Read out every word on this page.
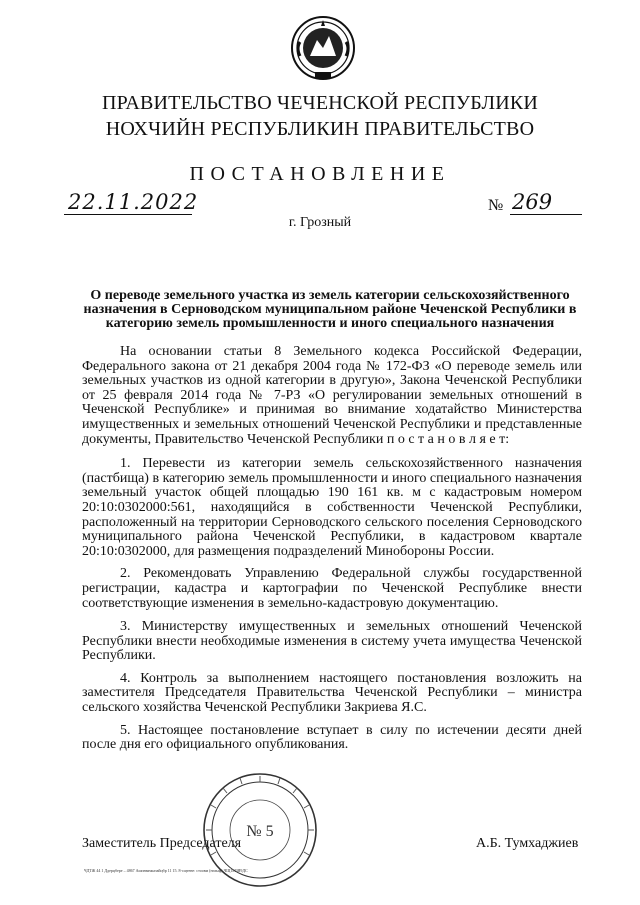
ПРАВИТЕЛЬСТВО ЧЕЧЕНСКОЙ РЕСПУБЛИКИ
НОХЧИЙН РЕСПУБЛИКИН ПРАВИТЕЛЬСТВО
ПОСТАНОВЛЕНИЕ
22.11.2022	№ 269
г. Грозный
О переводе земельного участка из земель категории сельскохозяйственного назначения в Серноводском муниципальном районе Чеченской Республики в категорию земель промышленности и иного специального назначения

На основании статьи 8 Земельного кодекса Российской Федерации, Федерального закона от 21 декабря 2004 года № 172-ФЗ «О переводе земель или земельных участков из одной категории в другую», Закона Чеченской Республики от 25 февраля 2014 года № 7-РЗ «О регулировании земельных отношений в Чеченской Республике» и принимая во внимание ходатайство Министерства имущественных и земельных отношений Чеченской Республики и представленные документы, Правительство Чеченской Республики п о с т а н о в л я е т:

1. Перевести из категории земель сельскохозяйственного назначения (пастбища) в категорию земель промышленности и иного специального назначения земельный участок общей площадью 190 161 кв. м с кадастровым номером 20:10:0302000:561, находящийся в собственности Чеченской Республики, расположенный на территории Серноводского сельского поселения Серноводского муниципального района Чеченской Республики, в кадастровом квартале 20:10:0302000, для размещения подразделений Минобороны России.

2. Рекомендовать Управлению Федеральной службы государственной регистрации, кадастра и картографии по Чеченской Республике внести соответствующие изменения в земельно-кадастровую документацию.

3. Министерству имущественных и земельных отношений Чеченской Республики внести необходимые изменения в систему учета имущества Чеченской Республики.

4. Контроль за выполнением настоящего постановления возложить на заместителя Председателя Правительства Чеченской Республики – министра сельского хозяйства Чеченской Республики Закриева Я.С.

5. Настоящее постановление вступает в силу по истечении десяти дней после дня его официального опубликования.

№ 5
Заместитель Председателя	А.Б. Тумхаджиев
ЧДТЖ 44 1 Ддерцбере – 4867 Ашпнмнжазайцбр 11 15. 8-сщтене: стоовм (нгаыф) ЧЩ1МЗЯ9ДС
